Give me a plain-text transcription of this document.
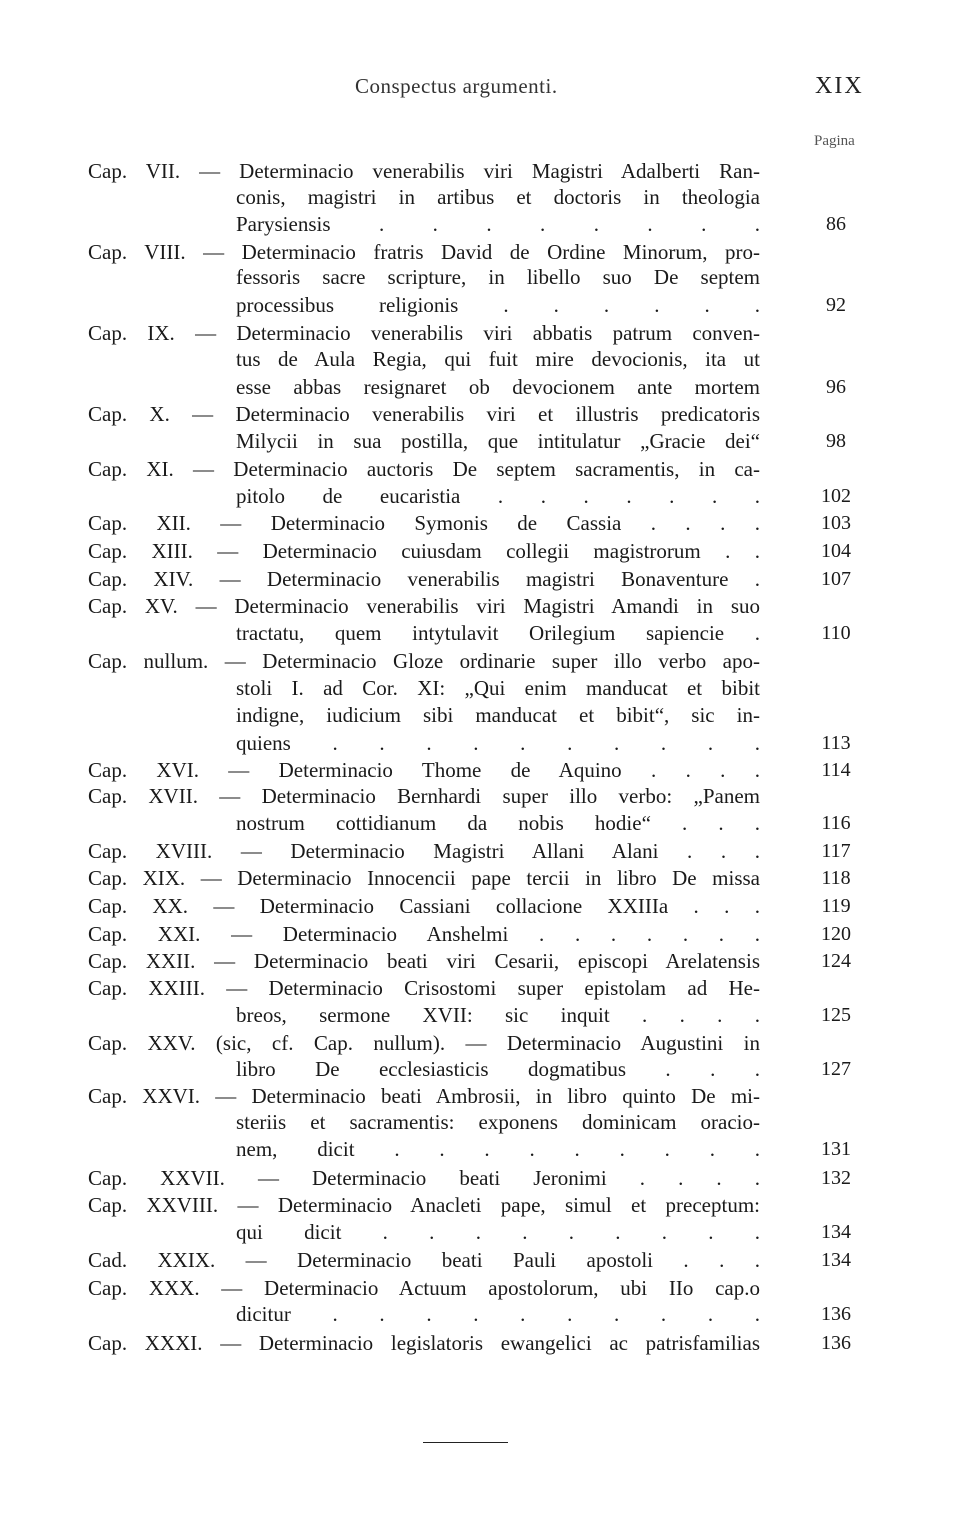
Conspectus argumenti.	XIX
Pagina
Cap. VII. — Determinacio venerabilis viri Magistri Adalberti Ran-
conis, magistri in artibus et doctoris in theologia
Parysiensis . . . . . . . .	86
Cap. VIII. — Determinacio fratris David de Ordine Minorum, pro-
fessoris sacre scripture, in libello suo De septem
processibus religionis . . . . . .	92
Cap. IX. — Determinacio venerabilis viri abbatis patrum conven-
tus de Aula Regia, qui fuit mire devocionis, ita ut
esse abbas resignaret ob devocionem ante mortem	96
Cap. X. — Determinacio venerabilis viri et illustris predicatoris
Milycii in sua postilla, que intitulatur „Gracie dei“	98
Cap. XI. — Determinacio auctoris De septem sacramentis, in ca-
pitolo de eucaristia . . . . . . .	102
Cap. XII. — Determinacio Symonis de Cassia . . . .	103
Cap. XIII. — Determinacio cuiusdam collegii magistrorum . .	104
Cap. XIV. — Determinacio venerabilis magistri Bonaventure .	107
Cap. XV. — Determinacio venerabilis viri Magistri Amandi in suo
tractatu, quem intytulavit Orilegium sapiencie .	110
Cap. nullum. — Determinacio Gloze ordinarie super illo verbo apo-
stoli I. ad Cor. XI: „Qui enim manducat et bibit
indigne, iudicium sibi manducat et bibit“, sic in-
quiens . . . . . . . . . .	113
Cap. XVI. — Determinacio Thome de Aquino . . . .	114
Cap. XVII. — Determinacio Bernhardi super illo verbo: „Panem
nostrum cottidianum da nobis hodie“ . . .	116
Cap. XVIII. — Determinacio Magistri Allani Alani . . .	117
Cap. XIX. — Determinacio Innocencii pape tercii in libro De missa	118
Cap. XX. — Determinacio Cassiani collacione XXIIIa . . .	119
Cap. XXI. — Determinacio Anshelmi . . . . . . .	120
Cap. XXII. — Determinacio beati viri Cesarii, episcopi Arelatensis	124
Cap. XXIII. — Determinacio Crisostomi super epistolam ad He-
breos, sermone XVII: sic inquit . . . .	125
Cap. XXV. (sic, cf. Cap. nullum). — Determinacio Augustini in
libro De ecclesiasticis dogmatibus . . .	127
Cap. XXVI. — Determinacio beati Ambrosii, in libro quinto De mi-
steriis et sacramentis: exponens dominicam oracio-
nem, dicit . . . . . . . . .	131
Cap. XXVII. — Determinacio beati Jeronimi . . . .	132
Cap. XXVIII. — Determinacio Anacleti pape, simul et preceptum:
qui dicit . . . . . . . . .	134
Cad. XXIX. — Determinacio beati Pauli apostoli . . .	134
Cap. XXX. — Determinacio Actuum apostolorum, ubi IIo cap.o
dicitur . . . . . . . . . .	136
Cap. XXXI. — Determinacio legislatoris ewangelici ac patrisfamilias	136
